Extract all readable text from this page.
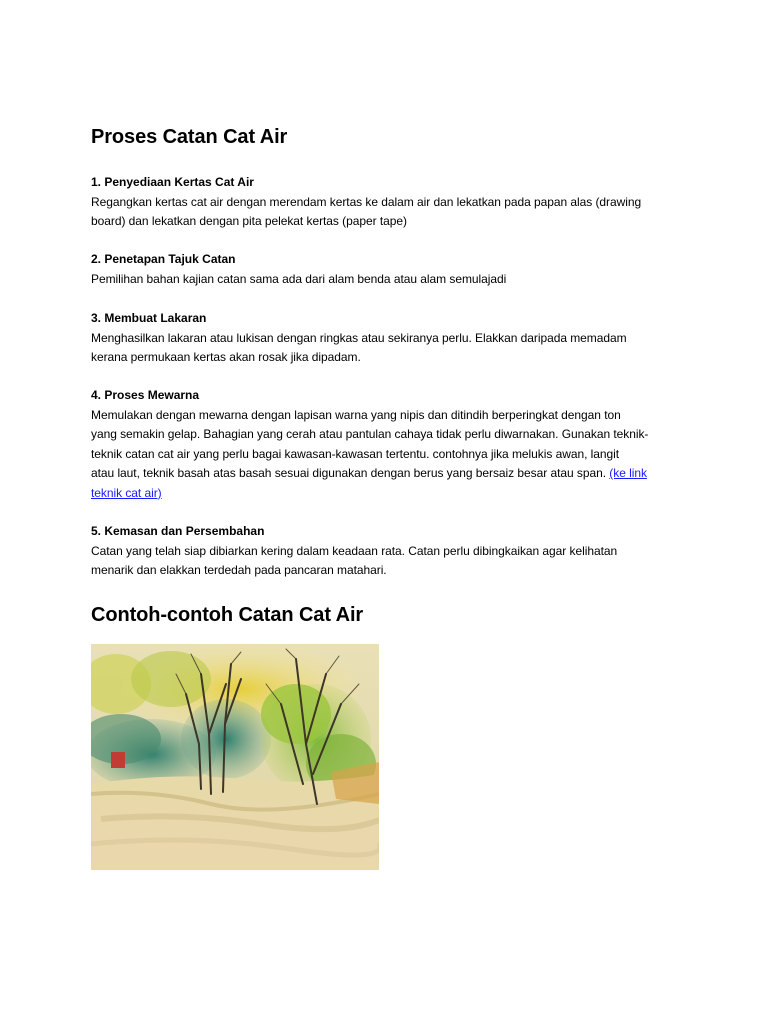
Proses Catan Cat Air
1. Penyediaan Kertas Cat Air
Regangkan kertas cat air dengan merendam kertas ke dalam air dan lekatkan pada papan alas (drawing
board) dan lekatkan dengan pita pelekat kertas (paper tape)
2. Penetapan Tajuk Catan
Pemilihan bahan kajian catan sama ada dari alam benda atau alam semulajadi
3. Membuat Lakaran
Menghasilkan lakaran atau lukisan dengan ringkas atau sekiranya perlu. Elakkan daripada memadam
kerana permukaan kertas akan rosak jika dipadam.
4. Proses Mewarna
Memulakan dengan mewarna dengan lapisan warna yang nipis dan ditindih berperingkat dengan ton
yang semakin gelap. Bahagian yang cerah atau pantulan cahaya tidak perlu diwarnakan. Gunakan teknik-
teknik catan cat air yang perlu bagai kawasan-kawasan tertentu. contohnya jika melukis awan, langit
atau laut, teknik basah atas basah sesuai digunakan dengan berus yang bersaiz besar atau span. (ke link
teknik cat air)
5. Kemasan dan Persembahan
Catan yang telah siap dibiarkan kering dalam keadaan rata. Catan perlu dibingkaikan agar kelihatan
menarik dan elakkan terdedah pada pancaran matahari.
Contoh-contoh Catan Cat Air
